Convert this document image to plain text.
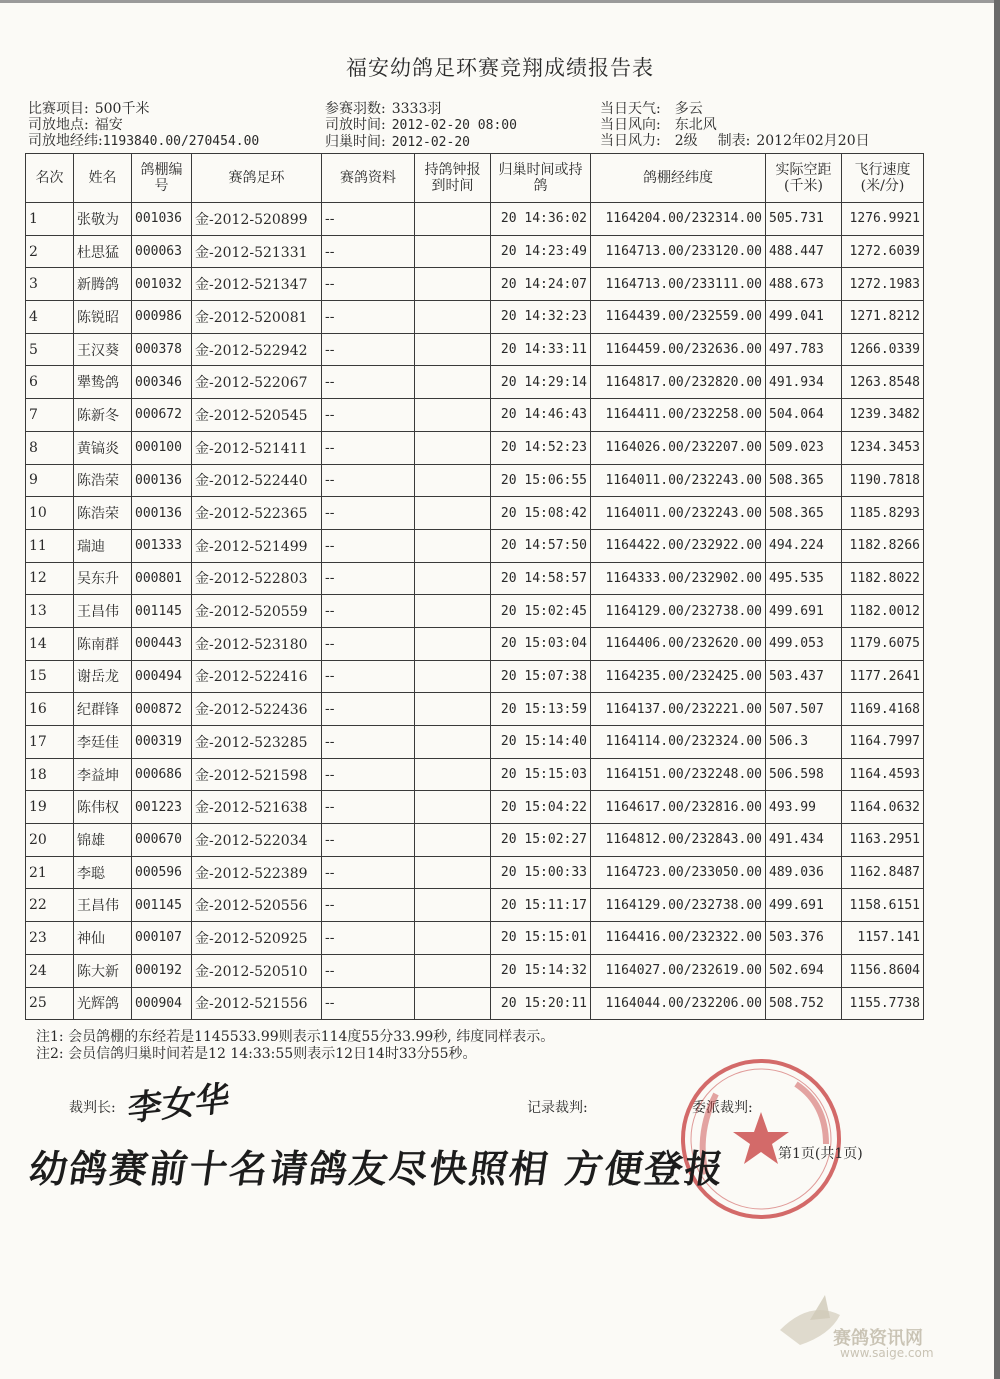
福安幼鸽足环赛竞翔成绩报告表
比赛项目: 500千米
司放地点: 福安
司放地经纬:1193840.00/270454.00
参赛羽数: 3333羽
司放时间: 2012-02-20 08:00
归巢时间: 2012-02-20
当日天气: 多云
当日风向: 东北风
当日风力: 2级 制表: 2012年02月20日
名次	姓名	鸽棚编号	赛鸽足环	赛鸽资料	持鸽钟报到时间	归巢时间或持鸽	鸽棚经纬度	实际空距(千米)	飞行速度(米/分)
1	张敬为	001036	金-2012-520899	--		20 14:36:02	1164204.00/232314.00	505.731	1276.9921
2	杜思猛	000063	金-2012-521331	--		20 14:23:49	1164713.00/233120.00	488.447	1272.6039
3	新腾鸽	001032	金-2012-521347	--		20 14:24:07	1164713.00/233111.00	488.673	1272.1983
4	陈锐昭	000986	金-2012-520081	--		20 14:32:23	1164439.00/232559.00	499.041	1271.8212
5	王汉葵	000378	金-2012-522942	--		20 14:33:11	1164459.00/232636.00	497.783	1266.0339
6	犟鸷鸽	000346	金-2012-522067	--		20 14:29:14	1164817.00/232820.00	491.934	1263.8548
7	陈新冬	000672	金-2012-520545	--		20 14:46:43	1164411.00/232258.00	504.064	1239.3482
8	黄镐炎	000100	金-2012-521411	--		20 14:52:23	1164026.00/232207.00	509.023	1234.3453
9	陈浩荣	000136	金-2012-522440	--		20 15:06:55	1164011.00/232243.00	508.365	1190.7818
10	陈浩荣	000136	金-2012-522365	--		20 15:08:42	1164011.00/232243.00	508.365	1185.8293
11	瑞迪	001333	金-2012-521499	--		20 14:57:50	1164422.00/232922.00	494.224	1182.8266
12	吴东升	000801	金-2012-522803	--		20 14:58:57	1164333.00/232902.00	495.535	1182.8022
13	王昌伟	001145	金-2012-520559	--		20 15:02:45	1164129.00/232738.00	499.691	1182.0012
14	陈南群	000443	金-2012-523180	--		20 15:03:04	1164406.00/232620.00	499.053	1179.6075
15	谢岳龙	000494	金-2012-522416	--		20 15:07:38	1164235.00/232425.00	503.437	1177.2641
16	纪群锋	000872	金-2012-522436	--		20 15:13:59	1164137.00/232221.00	507.507	1169.4168
17	李廷佳	000319	金-2012-523285	--		20 15:14:40	1164114.00/232324.00	506.3	1164.7997
18	李益坤	000686	金-2012-521598	--		20 15:15:03	1164151.00/232248.00	506.598	1164.4593
19	陈伟权	001223	金-2012-521638	--		20 15:04:22	1164617.00/232816.00	493.99	1164.0632
20	锦雄	000670	金-2012-522034	--		20 15:02:27	1164812.00/232843.00	491.434	1163.2951
21	李聪	000596	金-2012-522389	--		20 15:00:33	1164723.00/233050.00	489.036	1162.8487
22	王昌伟	001145	金-2012-520556	--		20 15:11:17	1164129.00/232738.00	499.691	1158.6151
23	神仙	000107	金-2012-520925	--		20 15:15:01	1164416.00/232322.00	503.376	1157.141
24	陈大新	000192	金-2012-520510	--		20 15:14:32	1164027.00/232619.00	502.694	1156.8604
25	光辉鸽	000904	金-2012-521556	--		20 15:20:11	1164044.00/232206.00	508.752	1155.7738
注1: 会员鸽棚的东经若是1145533.99则表示114度55分33.99秒, 纬度同样表示。
注2: 会员信鸽归巢时间若是12 14:33:55则表示12日14时33分55秒。
裁判长: 李女华	记录裁判:	委派裁判:
幼鸽赛前十名请鸽友尽快照相 方便登报	第1页(共1页)
赛鸽资讯网
www.saige.com
